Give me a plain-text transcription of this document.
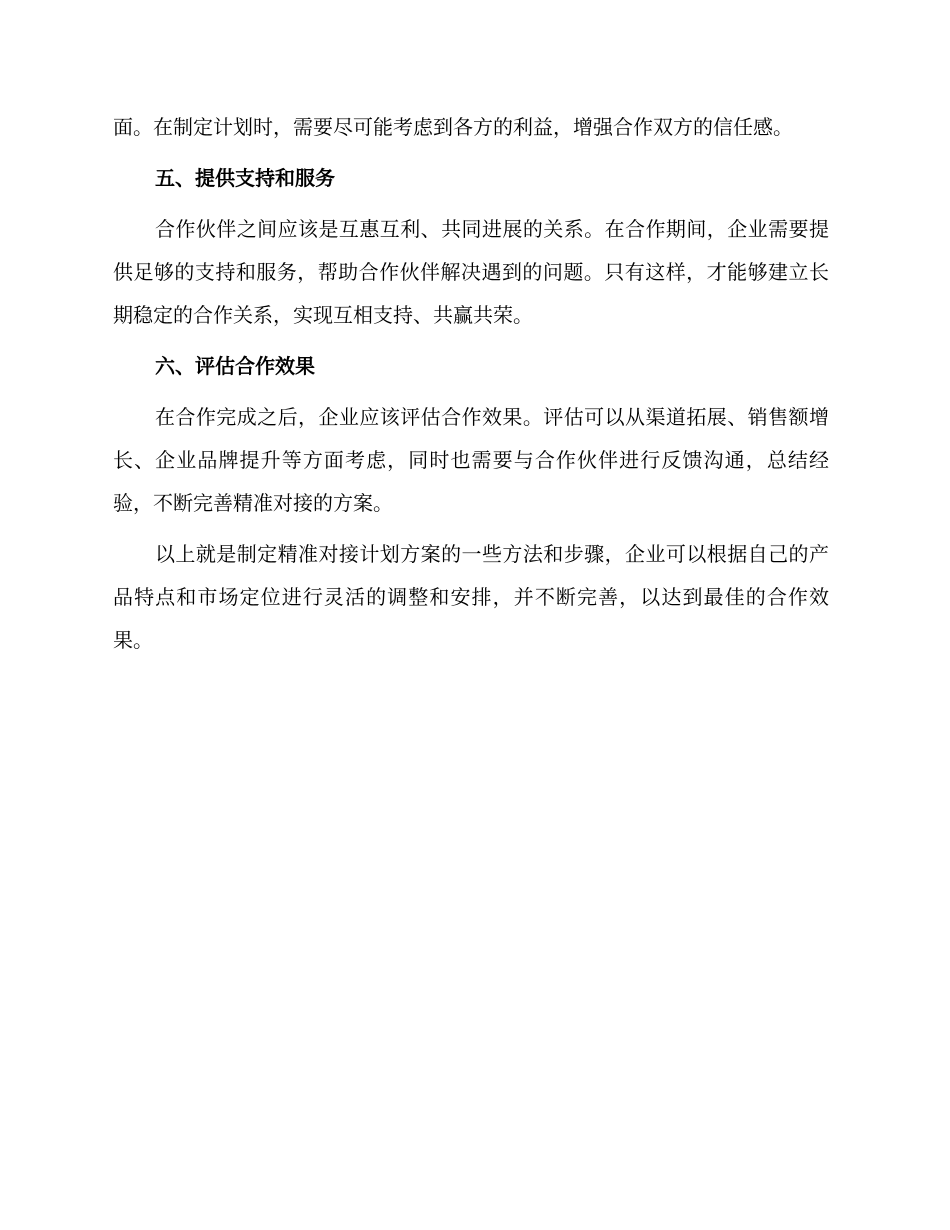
面。在制定计划时，需要尽可能考虑到各方的利益，增强合作双方的信任感。

五、提供支持和服务

合作伙伴之间应该是互惠互利、共同进展的关系。在合作期间，企业需要提供足够的支持和服务，帮助合作伙伴解决遇到的问题。只有这样，才能够建立长期稳定的合作关系，实现互相支持、共赢共荣。

六、评估合作效果

在合作完成之后，企业应该评估合作效果。评估可以从渠道拓展、销售额增长、企业品牌提升等方面考虑，同时也需要与合作伙伴进行反馈沟通，总结经验，不断完善精准对接的方案。

以上就是制定精准对接计划方案的一些方法和步骤，企业可以根据自己的产品特点和市场定位进行灵活的调整和安排，并不断完善，以达到最佳的合作效果。
